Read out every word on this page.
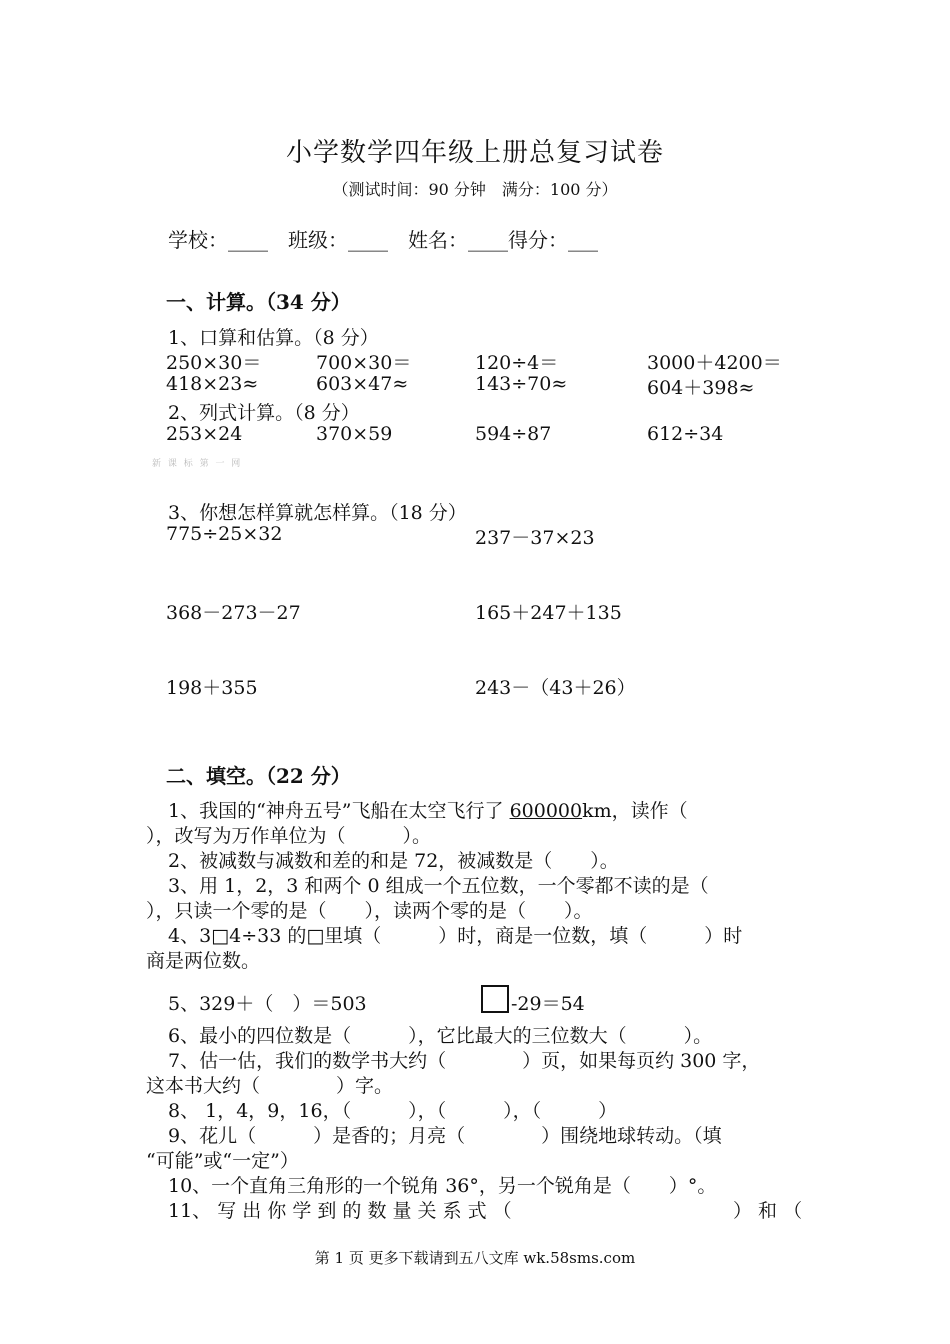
小学数学四年级上册总复习试卷
（测试时间：90 分钟　满分：100 分）
学校：____　班级：____　姓名：____得分：___
一、计算。（34 分）
1、口算和估算。（8 分）
250×30＝	700×30＝	120÷4＝	3000＋4200＝
418×23≈	603×47≈	143÷70≈	604＋398≈
2、列式计算。（8 分）
253×24	370×59	594÷87	612÷34
新 课 标 第 一 网
3、你想怎样算就怎样算。（18 分）
775÷25×32	237－37×23
368－273－27	165＋247＋135
198＋355	243－（43＋26）
二、填空。（22 分）
1、我国的“神舟五号”飞船在太空飞行了 600000km，读作（
），改写为万作单位为（　　　）。
2、被减数与减数和差的和是 72，被减数是（　　）。
3、用 1，2，3 和两个 0 组成一个五位数，一个零都不读的是（
），只读一个零的是（　　），读两个零的是（　　）。
4、3□4÷33 的□里填（　　　）时，商是一位数，填（　　　）时
商是两位数。
5、329＋（　）＝503	-29＝54
6、最小的四位数是（　　　），它比最大的三位数大（　　　）。
7、估一估，我们的数学书大约（　　　　）页，如果每页约 300 字，
这本书大约（　　　　）字。
8、 1，4，9，16，（　　　），（　　　），（　　　）
9、花儿（　　　）是香的；月亮（　　　　）围绕地球转动。（填
“可能”或“一定”）
10、一个直角三角形的一个锐角 36°，另一个锐角是（　　）°。
11、 写 出 你 学 到 的 数 量 关 系 式 （	） 和 （
第 1 页 更多下载请到五八文库 wk.58sms.com
